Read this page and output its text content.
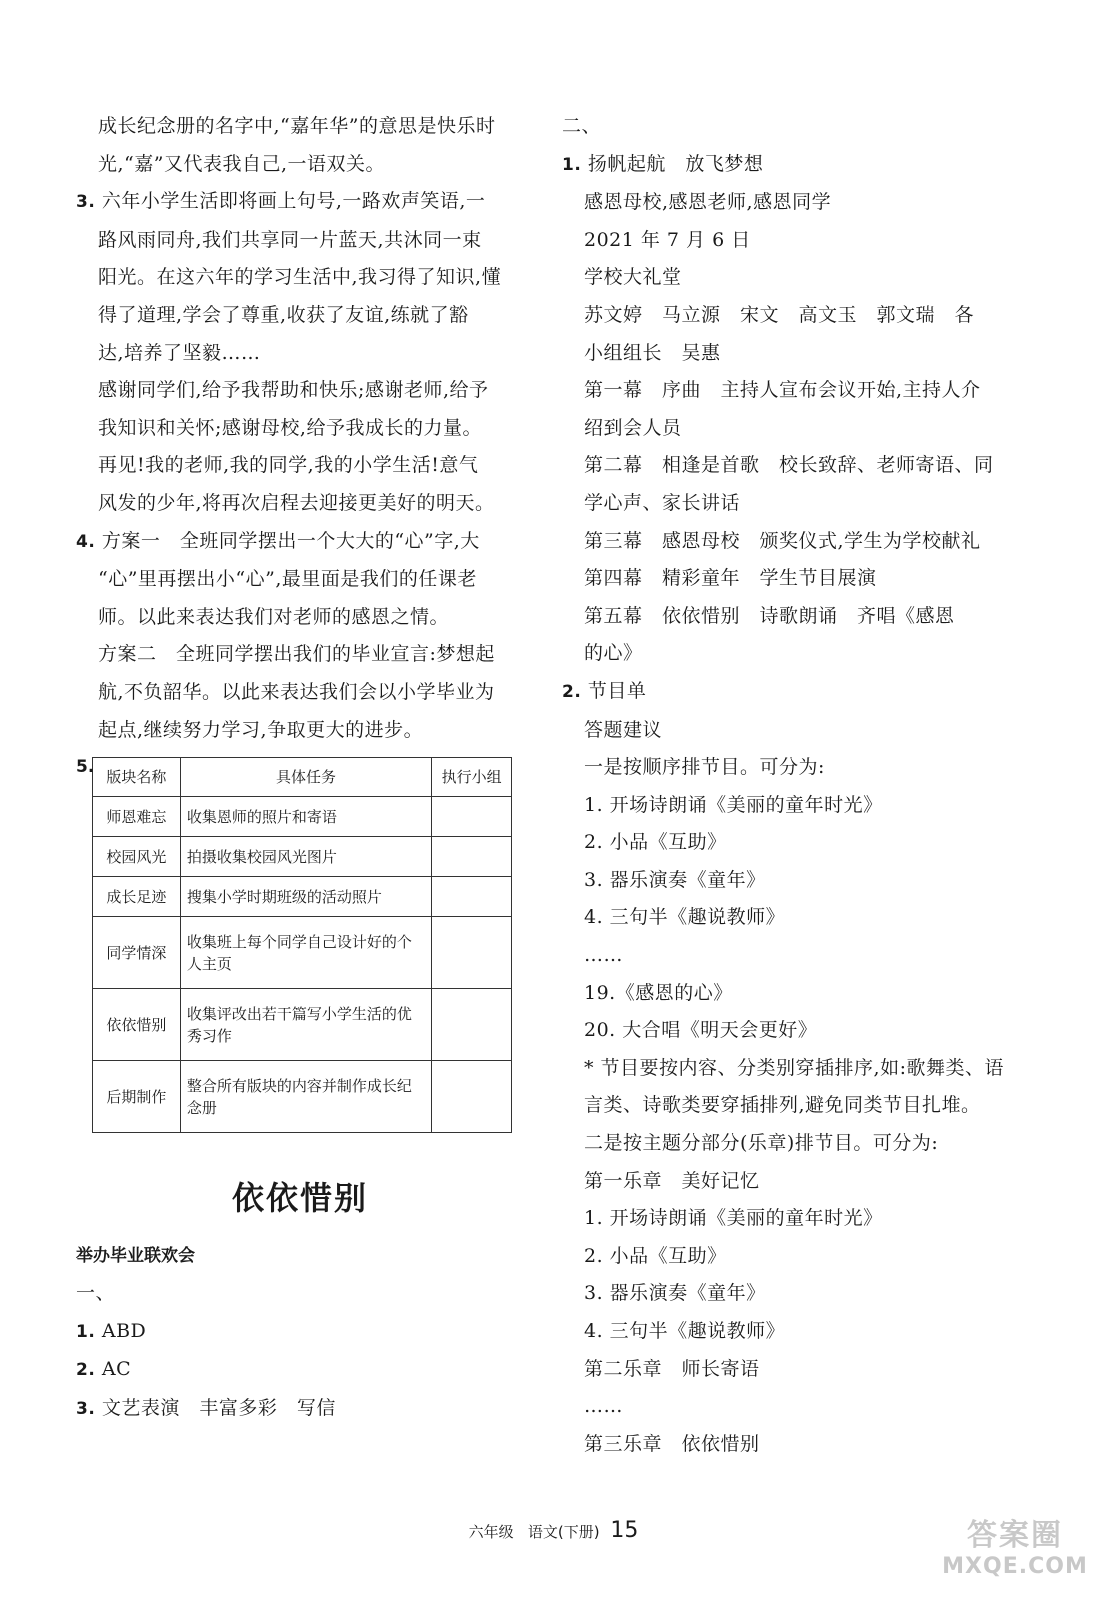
成长纪念册的名字中,“嘉年华”的意思是快乐时
光,“嘉”又代表我自己,一语双关。
3. 六年小学生活即将画上句号,一路欢声笑语,一
路风雨同舟,我们共享同一片蓝天,共沐同一束
阳光。在这六年的学习生活中,我习得了知识,懂
得了道理,学会了尊重,收获了友谊,练就了豁
达,培养了坚毅……
感谢同学们,给予我帮助和快乐;感谢老师,给予
我知识和关怀;感谢母校,给予我成长的力量。
再见!我的老师,我的同学,我的小学生活!意气
风发的少年,将再次启程去迎接更美好的明天。
4. 方案一　全班同学摆出一个大大的“心”字,大
“心”里再摆出小“心”,最里面是我们的任课老
师。以此来表达我们对老师的感恩之情。
方案二　全班同学摆出我们的毕业宣言:梦想起
航,不负韶华。以此来表达我们会以小学毕业为
起点,继续努力学习,争取更大的进步。
5. 版块名称	具体任务	执行小组
师恩难忘	收集恩师的照片和寄语	
校园风光	拍摄收集校园风光图片	
成长足迹	搜集小学时期班级的活动照片	
同学情深	收集班上每个同学自己设计好的个人主页	
依依惜别	收集评改出若干篇写小学生活的优秀习作	
后期制作	整合所有版块的内容并制作成长纪念册	
依依惜别
举办毕业联欢会
一、
1. ABD
2. AC
3. 文艺表演　丰富多彩　写信
二、
1. 扬帆起航　放飞梦想
感恩母校,感恩老师,感恩同学
2021 年 7 月 6 日
学校大礼堂
苏文婷　马立源　宋文　高文玉　郭文瑞　各
小组组长　吴惠
第一幕　序曲　主持人宣布会议开始,主持人介
绍到会人员
第二幕　相逢是首歌　校长致辞、老师寄语、同
学心声、家长讲话
第三幕　感恩母校　颁奖仪式,学生为学校献礼
第四幕　精彩童年　学生节目展演
第五幕　依依惜别　诗歌朗诵　齐唱《感恩
的心》
2. 节目单
答题建议
一是按顺序排节目。可分为:
1. 开场诗朗诵《美丽的童年时光》
2. 小品《互助》
3. 器乐演奏《童年》
4. 三句半《趣说教师》
……
19.《感恩的心》
20. 大合唱《明天会更好》
* 节目要按内容、分类别穿插排序,如:歌舞类、语
言类、诗歌类要穿插排列,避免同类节目扎堆。
二是按主题分部分(乐章)排节目。可分为:
第一乐章　美好记忆
1. 开场诗朗诵《美丽的童年时光》
2. 小品《互助》
3. 器乐演奏《童年》
4. 三句半《趣说教师》
第二乐章　师长寄语
……
第三乐章　依依惜别
六年级 语文(下册) 15	答案圈
MXQE.COM
